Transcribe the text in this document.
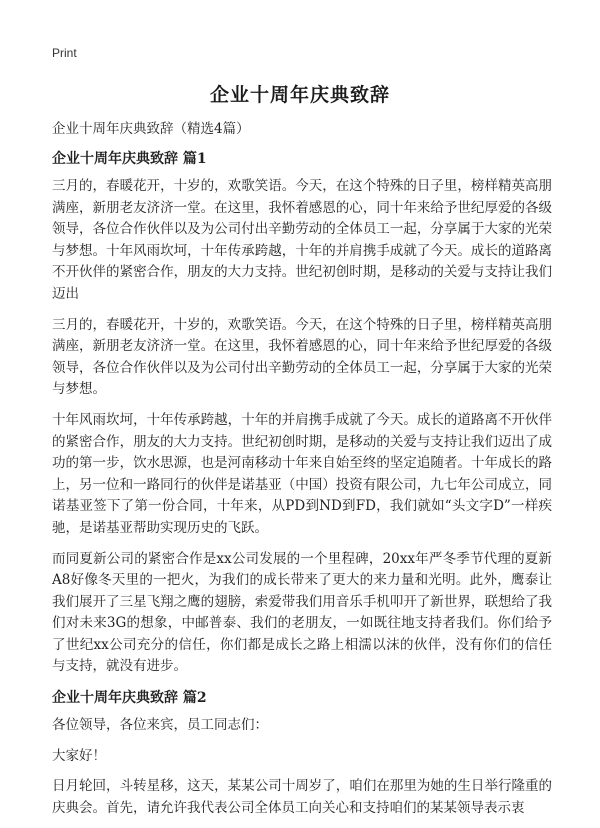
Print
企业十周年庆典致辞

企业十周年庆典致辞（精选4篇）

企业十周年庆典致辞 篇1

三月的，春暖花开，十岁的，欢歌笑语。今天，在这个特殊的日子里，榜样精英高朋满座，新朋老友济济一堂。在这里，我怀着感恩的心，同十年来给予世纪厚爱的各级领导，各位合作伙伴以及为公司付出辛勤劳动的全体员工一起，分享属于大家的光荣与梦想。十年风雨坎坷，十年传承跨越，十年的并肩携手成就了今天。成长的道路离不开伙伴的紧密合作，朋友的大力支持。世纪初创时期，是移动的关爱与支持让我们迈出

三月的，春暖花开，十岁的，欢歌笑语。今天，在这个特殊的日子里，榜样精英高朋满座，新朋老友济济一堂。在这里，我怀着感恩的心，同十年来给予世纪厚爱的各级领导，各位合作伙伴以及为公司付出辛勤劳动的全体员工一起，分享属于大家的光荣与梦想。

十年风雨坎坷，十年传承跨越，十年的并肩携手成就了今天。成长的道路离不开伙伴的紧密合作，朋友的大力支持。世纪初创时期，是移动的关爱与支持让我们迈出了成功的第一步，饮水思源，也是河南移动十年来自始至终的坚定追随者。十年成长的路上，另一位和一路同行的伙伴是诺基亚（中国）投资有限公司，九七年公司成立，同诺基亚签下了第一份合同，十年来，从PD到ND到FD，我们就如“头文字D”一样疾驰，是诺基亚帮助实现历史的飞跃。

而同夏新公司的紧密合作是xx公司发展的一个里程碑，20xx年严冬季节代理的夏新A8好像冬天里的一把火，为我们的成长带来了更大的来力量和光明。此外，鹰泰让我们展开了三星飞翔之鹰的翅膀，索爱带我们用音乐手机叩开了新世界，联想给了我们对未来3G的想象，中邮普泰、我们的老朋友，一如既往地支持者我们。你们给予了世纪xx公司充分的信任，你们都是成长之路上相濡以沫的伙伴，没有你们的信任与支持，就没有进步。

企业十周年庆典致辞 篇2

各位领导，各位来宾，员工同志们：

大家好！

日月轮回，斗转星移，这天，某某公司十周岁了，咱们在那里为她的生日举行隆重的庆典会。首先，请允许我代表公司全体员工向关心和支持咱们的某某领导表示衷
